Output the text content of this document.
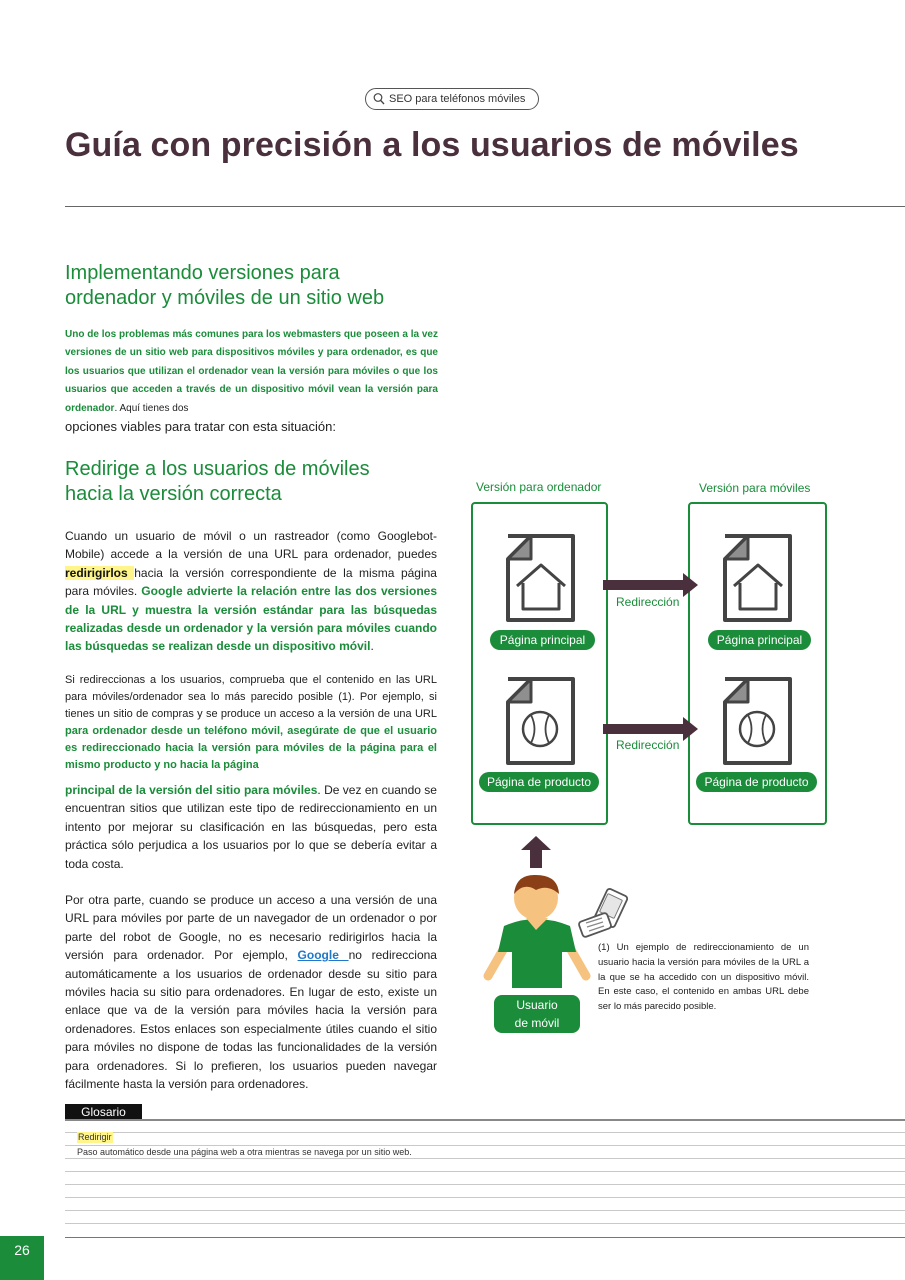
SEO para teléfonos móviles
Guía con precisión a los usuarios de móviles
Implementando versiones para
ordenador y móviles de un sitio web

Uno de los problemas más comunes para los webmasters que poseen a la vez versiones de un sitio web para dispositivos móviles y para ordenador, es que los usuarios que utilizan el ordenador vean la versión para móviles o que los usuarios que acceden a través de un dispositivo móvil vean la versión para ordenador. Aquí tienes dos

opciones viables para tratar con esta situación:

Redirige a los usuarios de móviles
hacia la versión correcta

Cuando un usuario de móvil o un rastreador (como Googlebot-Mobile) accede a la versión de una URL para ordenador, puedes redirigirlos hacia la versión correspondiente de la misma página para móviles. Google advierte la relación entre las dos versiones de la URL y muestra la versión estándar para las búsquedas realizadas desde un ordenador y la versión para móviles cuando las búsquedas se realizan desde un dispositivo móvil.

Si redireccionas a los usuarios, comprueba que el contenido en las URL para móviles/ordenador sea lo más parecido posible (1). Por ejemplo, si tienes un sitio de compras y se produce un acceso a la versión de una URL para ordenador desde un teléfono móvil, asegúrate de que el usuario es redireccionado hacia la versión para móviles de la página para el mismo producto y no hacia la página

principal de la versión del sitio para móviles. De vez en cuando se encuentran sitios que utilizan este tipo de redireccionamiento en un intento por mejorar su clasificación en las búsquedas, pero esta práctica sólo perjudica a los usuarios por lo que se debería evitar a toda costa.

Por otra parte, cuando se produce un acceso a una versión de una URL para móviles por parte de un navegador de un ordenador o por parte del robot de Google, no es necesario redirigirlos hacia la versión para ordenador. Por ejemplo, Google no redirecciona automáticamente a los usuarios de ordenador desde su sitio para móviles hacia su sitio para ordenadores. En lugar de esto, existe un enlace que va de la versión para móviles hacia la versión para ordenadores. Estos enlaces son especialmente útiles cuando el sitio para móviles no dispone de todas las funcionalidades de la versión para ordenadores. Si lo prefieren, los usuarios pueden navegar fácilmente hasta la versión para ordenadores.

Versión para ordenador	Versión para móviles
Redirección
Redirección
Página principal	Página principal
Página de producto	Página de producto
Usuario
de móvil

(1) Un ejemplo de redireccionamiento de un usuario hacia la versión para móviles de la URL a la que se ha accedido con un dispositivo móvil. En este caso, el contenido en ambas URL debe ser lo más parecido posible.

Glosario
Redirigir

Paso automático desde una página web a otra mientras se navega por un sitio web.

26
